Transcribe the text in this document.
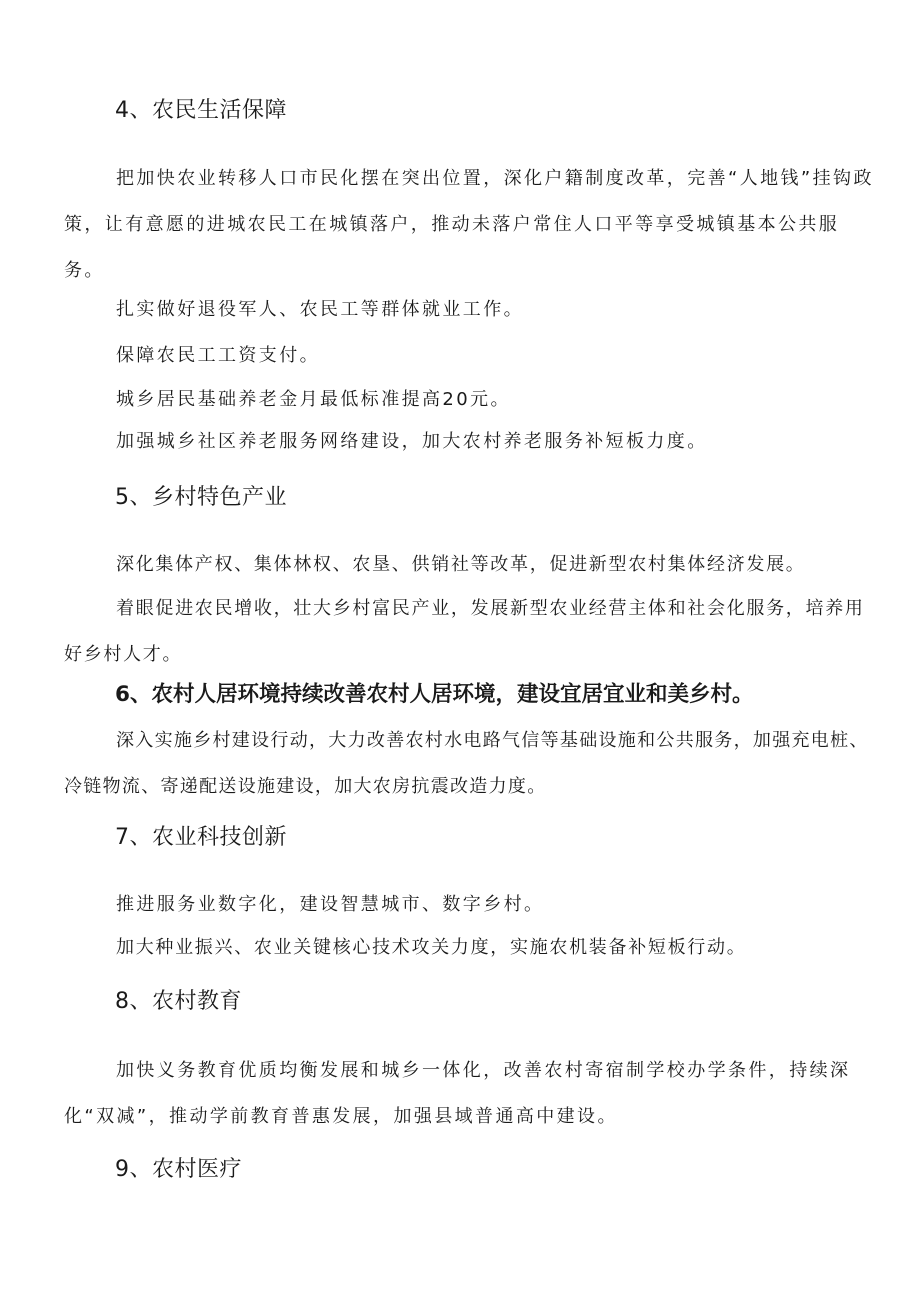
4、农民生活保障

把加快农业转移人口市民化摆在突出位置，深化户籍制度改革，完善“人地钱”挂钩政策，让有意愿的进城农民工在城镇落户，推动未落户常住人口平等享受城镇基本公共服务。

扎实做好退役军人、农民工等群体就业工作。

保障农民工工资支付。

城乡居民基础养老金月最低标准提高20元。

加强城乡社区养老服务网络建设，加大农村养老服务补短板力度。

5、乡村特色产业

深化集体产权、集体林权、农垦、供销社等改革，促进新型农村集体经济发展。

着眼促进农民增收，壮大乡村富民产业，发展新型农业经营主体和社会化服务，培养用好乡村人才。

6、农村人居环境持续改善农村人居环境，建设宜居宜业和美乡村。

深入实施乡村建设行动，大力改善农村水电路气信等基础设施和公共服务，加强充电桩、冷链物流、寄递配送设施建设，加大农房抗震改造力度。

7、农业科技创新

推进服务业数字化，建设智慧城市、数字乡村。

加大种业振兴、农业关键核心技术攻关力度，实施农机装备补短板行动。

8、农村教育

加快义务教育优质均衡发展和城乡一体化，改善农村寄宿制学校办学条件，持续深化“双减”，推动学前教育普惠发展，加强县域普通高中建设。

9、农村医疗
